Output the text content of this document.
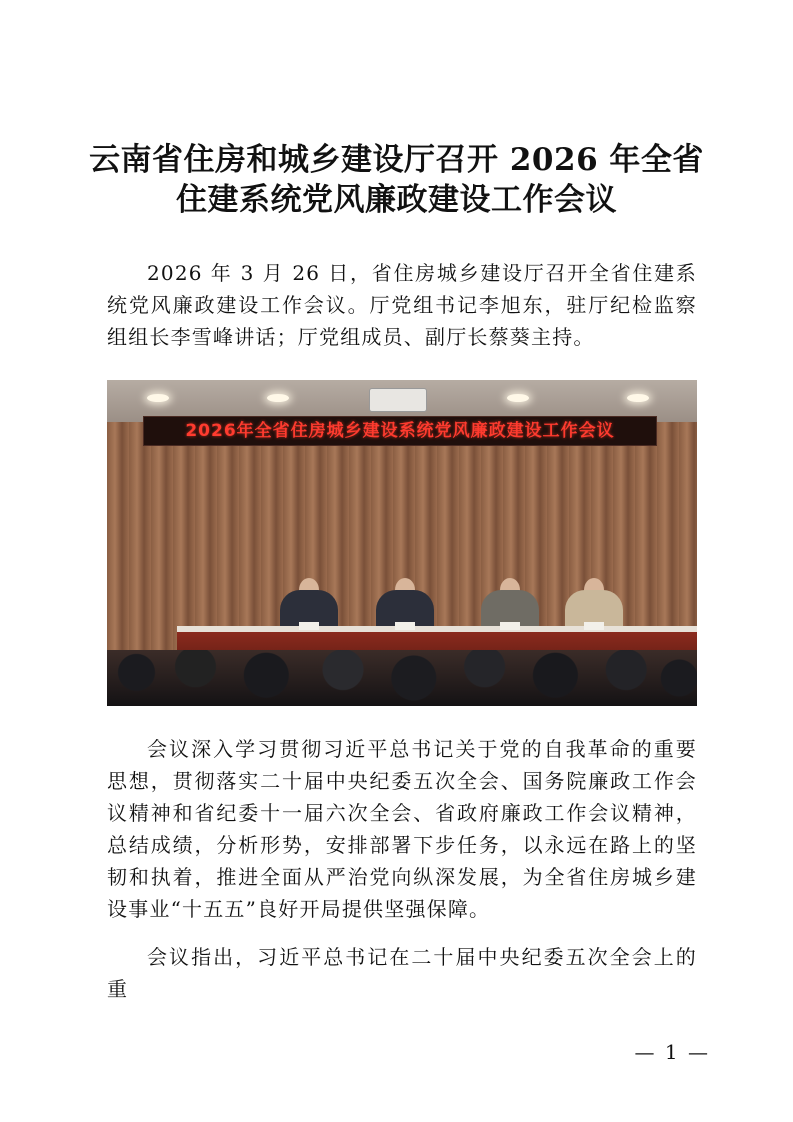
云南省住房和城乡建设厅召开 2026 年全省
住建系统党风廉政建设工作会议

2026 年 3 月 26 日，省住房城乡建设厅召开全省住建系统党风廉政建设工作会议。厅党组书记李旭东，驻厅纪检监察组组长李雪峰讲话；厅党组成员、副厅长蔡葵主持。

2026年全省住房城乡建设系统党风廉政建设工作会议

会议深入学习贯彻习近平总书记关于党的自我革命的重要思想，贯彻落实二十届中央纪委五次全会、国务院廉政工作会议精神和省纪委十一届六次全会、省政府廉政工作会议精神，总结成绩，分析形势，安排部署下步任务，以永远在路上的坚韧和执着，推进全面从严治党向纵深发展，为全省住房城乡建设事业“十五五”良好开局提供坚强保障。

会议指出，习近平总书记在二十届中央纪委五次全会上的重

— 1 —
